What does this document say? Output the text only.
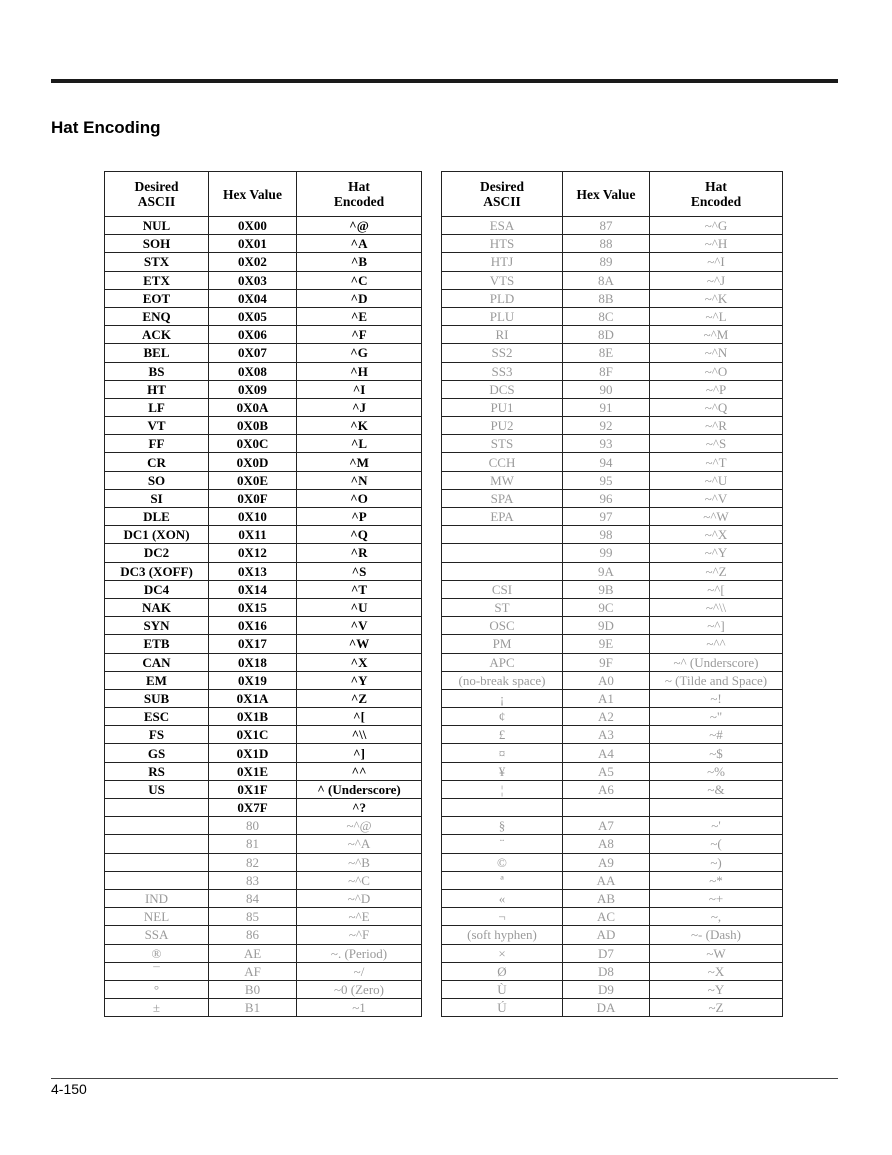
Hat Encoding
Desired
ASCII	Hex Value	Hat
Encoded
NUL	0X00	^@
SOH	0X01	^A
STX	0X02	^B
ETX	0X03	^C
EOT	0X04	^D
ENQ	0X05	^E
ACK	0X06	^F
BEL	0X07	^G
BS	0X08	^H
HT	0X09	^I
LF	0X0A	^J
VT	0X0B	^K
FF	0X0C	^L
CR	0X0D	^M
SO	0X0E	^N
SI	0X0F	^O
DLE	0X10	^P
DC1 (XON)	0X11	^Q
DC2	0X12	^R
DC3 (XOFF)	0X13	^S
DC4	0X14	^T
NAK	0X15	^U
SYN	0X16	^V
ETB	0X17	^W
CAN	0X18	^X
EM	0X19	^Y
SUB	0X1A	^Z
ESC	0X1B	^[
FS	0X1C	^\\
GS	0X1D	^]
RS	0X1E	^^
US	0X1F	^ (Underscore)
	0X7F	^?
	80	~^@
	81	~^A
	82	~^B
	83	~^C
IND	84	~^D
NEL	85	~^E
SSA	86	~^F
®	AE	~. (Period)
¯	AF	~/
°	B0	~0 (Zero)
±	B1	~1
Desired
ASCII	Hex Value	Hat
Encoded
ESA	87	~^G
HTS	88	~^H
HTJ	89	~^I
VTS	8A	~^J
PLD	8B	~^K
PLU	8C	~^L
RI	8D	~^M
SS2	8E	~^N
SS3	8F	~^O
DCS	90	~^P
PU1	91	~^Q
PU2	92	~^R
STS	93	~^S
CCH	94	~^T
MW	95	~^U
SPA	96	~^V
EPA	97	~^W
	98	~^X
	99	~^Y
	9A	~^Z
CSI	9B	~^[
ST	9C	~^\\
OSC	9D	~^]
PM	9E	~^^
APC	9F	~^ (Underscore)
(no-break space)	A0	~ (Tilde and Space)
¡	A1	~!
¢	A2	~"
£	A3	~#
¤	A4	~$
¥	A5	~%
¦	A6	~&

§	A7	~'
¨	A8	~(
©	A9	~)
ª	AA	~*
«	AB	~+
¬	AC	~,
(soft hyphen)	AD	~- (Dash)
×	D7	~W
Ø	D8	~X
Ù	D9	~Y
Ú	DA	~Z
4-150
